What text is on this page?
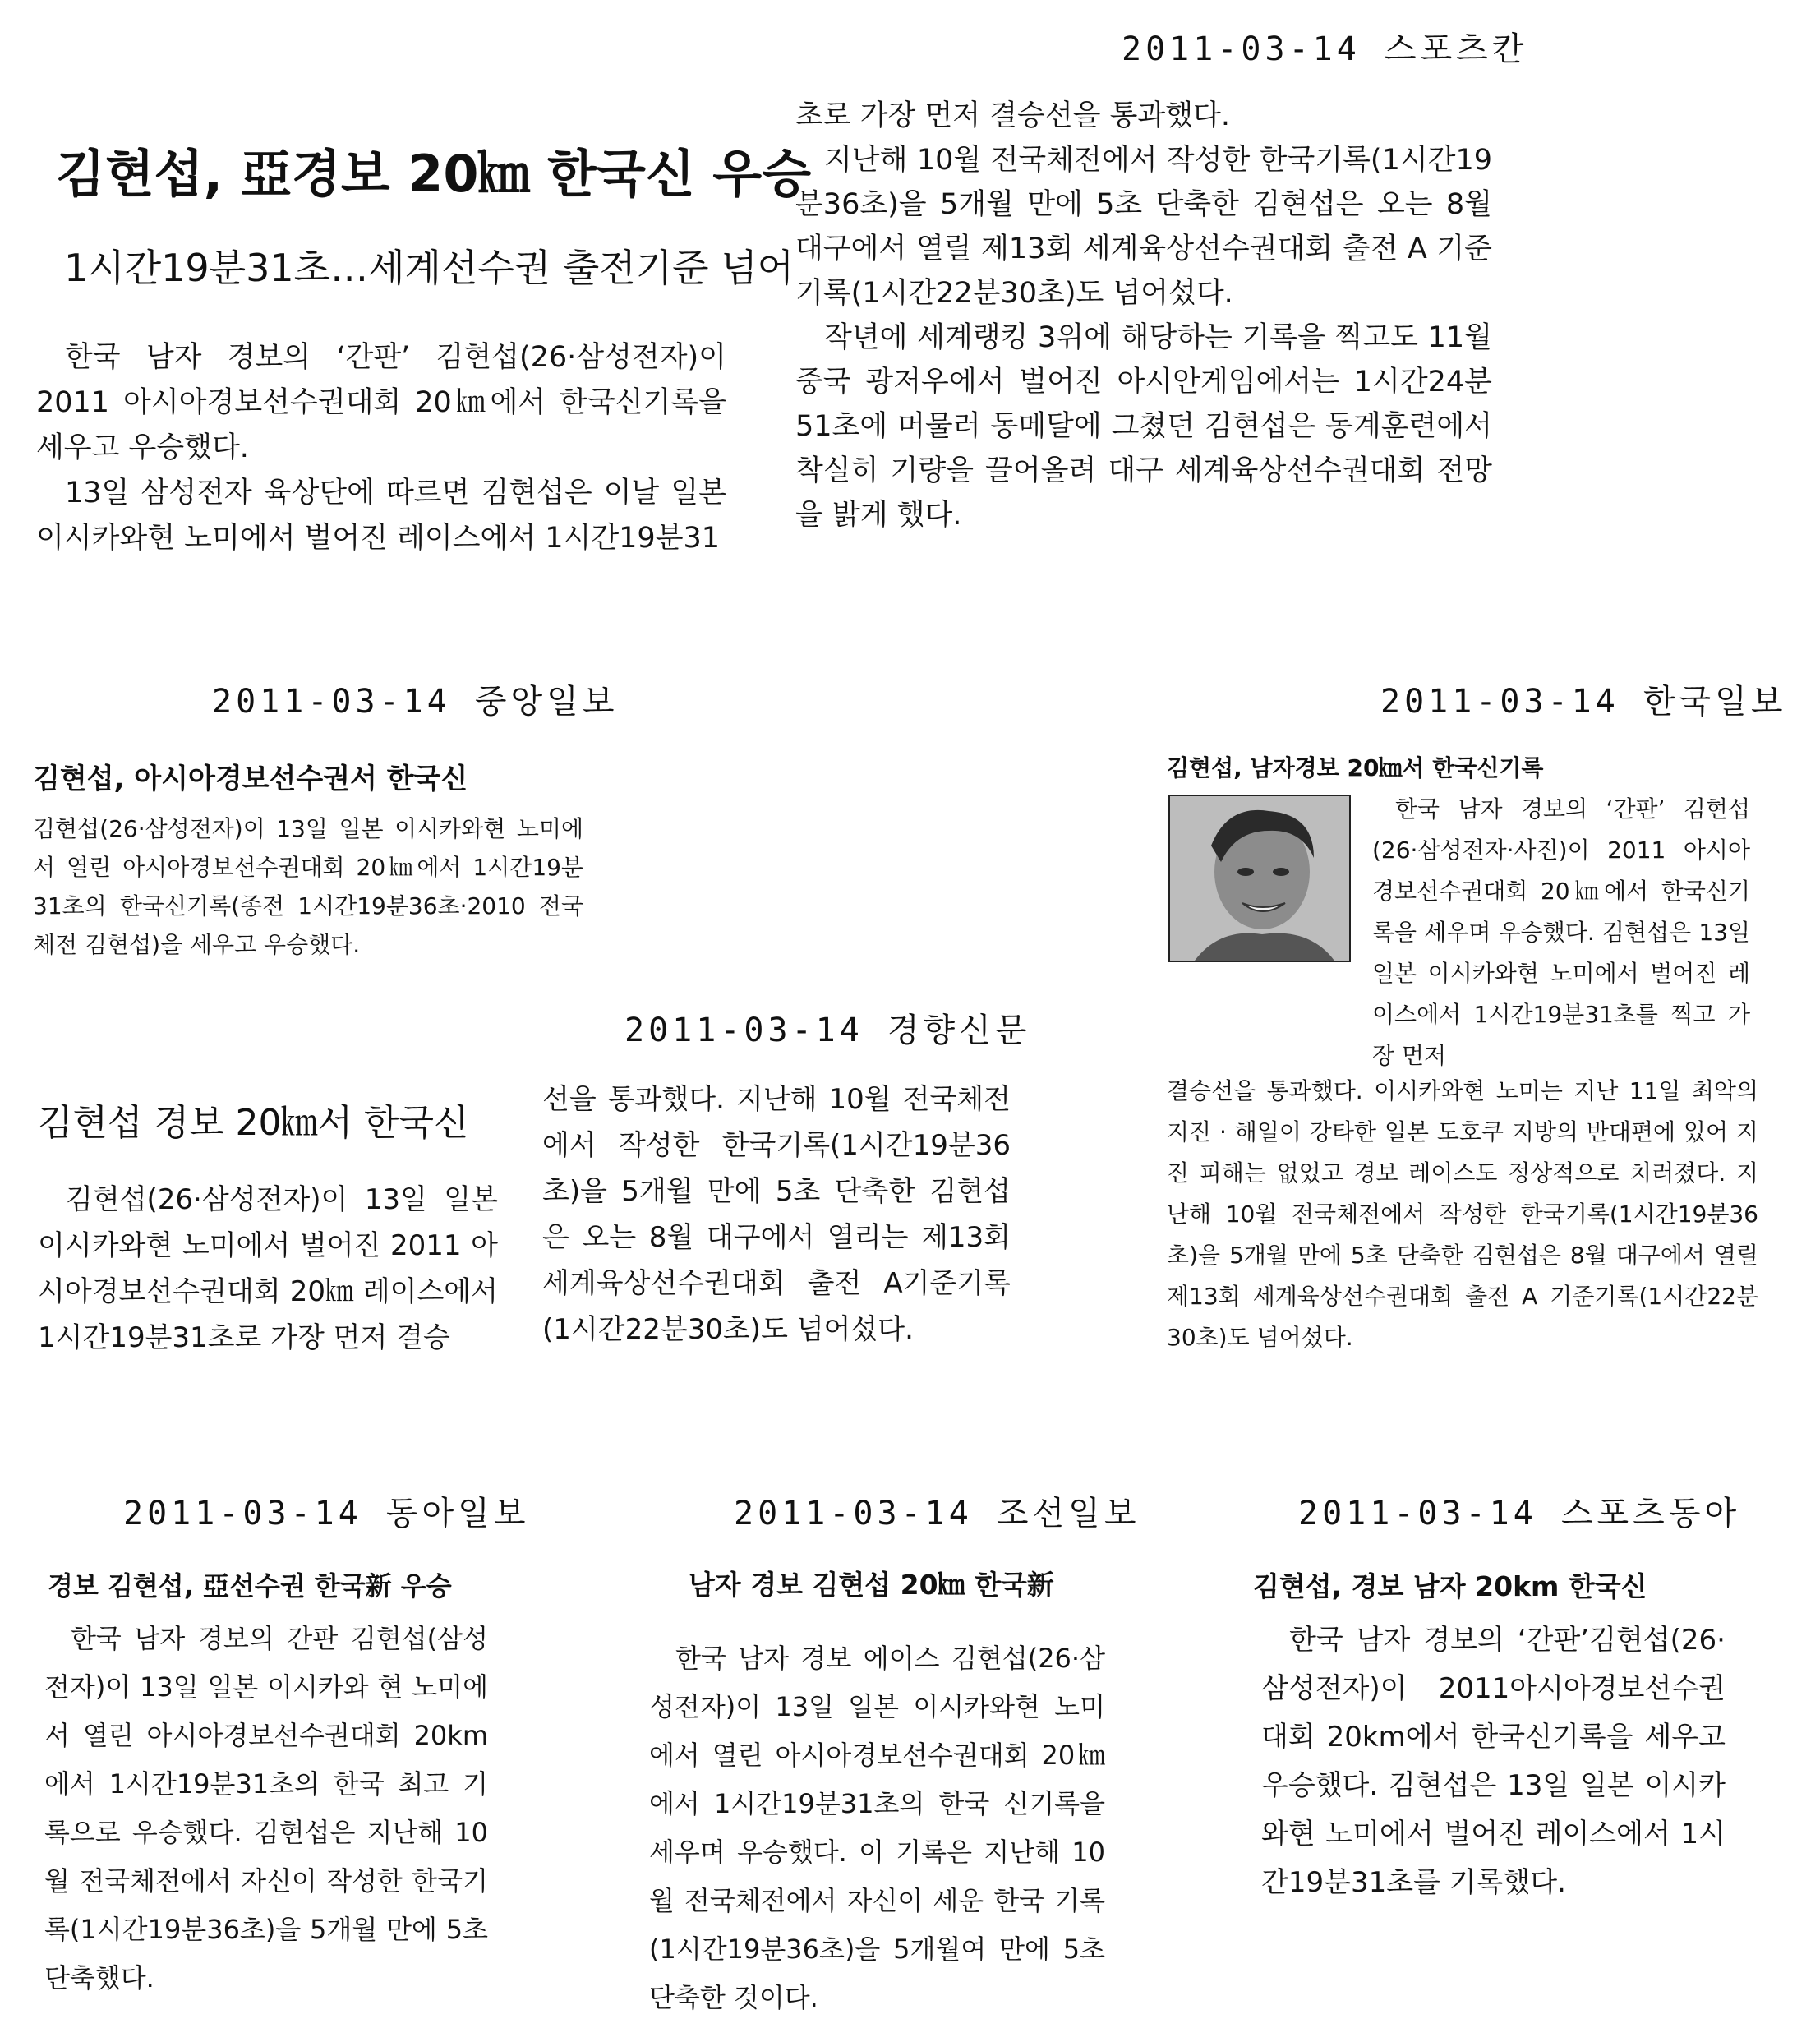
2011-03-14 스포츠칸
김현섭, 亞경보 20㎞ 한국신 우승
1시간19분31초…세계선수권 출전기준 넘어

한국 남자 경보의 ‘간판’ 김현섭(26·삼성전자)이 2011 아시아경보선수권대회 20㎞에서 한국신기록을 세우고 우승했다.

13일 삼성전자 육상단에 따르면 김현섭은 이날 일본 이시카와현 노미에서 벌어진 레이스에서 1시간19분31

초로 가장 먼저 결승선을 통과했다.

지난해 10월 전국체전에서 작성한 한국기록(1시간19분36초)을 5개월 만에 5초 단축한 김현섭은 오는 8월 대구에서 열릴 제13회 세계육상선수권대회 출전 A 기준기록(1시간22분30초)도 넘어섰다.

작년에 세계랭킹 3위에 해당하는 기록을 찍고도 11월 중국 광저우에서 벌어진 아시안게임에서는 1시간24분51초에 머물러 동메달에 그쳤던 김현섭은 동계훈련에서 착실히 기량을 끌어올려 대구 세계육상선수권대회 전망을 밝게 했다.

2011-03-14 중앙일보
김현섭, 아시아경보선수권서 한국신

김현섭(26·삼성전자)이 13일 일본 이시카와현 노미에서 열린 아시아경보선수권대회 20㎞에서 1시간19분31초의 한국신기록(종전 1시간19분36초·2010 전국체전 김현섭)을 세우고 우승했다.

2011-03-14 경향신문
김현섭 경보 20㎞서 한국신

김현섭(26·삼성전자)이 13일 일본 이시카와현 노미에서 벌어진 2011 아시아경보선수권대회 20㎞ 레이스에서 1시간19분31초로 가장 먼저 결승

선을 통과했다. 지난해 10월 전국체전에서 작성한 한국기록(1시간19분36초)을 5개월 만에 5초 단축한 김현섭은 오는 8월 대구에서 열리는 제13회 세계육상선수권대회 출전 A기준기록(1시간22분30초)도 넘어섰다.

2011-03-14 한국일보
김현섭, 남자경보 20㎞서 한국신기록

한국 남자 경보의 ‘간판’ 김현섭(26·삼성전자·사진)이 2011 아시아경보선수권대회 20㎞에서 한국신기록을 세우며 우승했다. 김현섭은 13일 일본 이시카와현 노미에서 벌어진 레이스에서 1시간19분31초를 찍고 가장 먼저

결승선을 통과했다. 이시카와현 노미는 지난 11일 최악의 지진 · 해일이 강타한 일본 도호쿠 지방의 반대편에 있어 지진 피해는 없었고 경보 레이스도 정상적으로 치러졌다. 지난해 10월 전국체전에서 작성한 한국기록(1시간19분36초)을 5개월 만에 5초 단축한 김현섭은 8월 대구에서 열릴 제13회 세계육상선수권대회 출전 A 기준기록(1시간22분30초)도 넘어섰다.

2011-03-14 동아일보
경보 김현섭, 亞선수권 한국新 우승

한국 남자 경보의 간판 김현섭(삼성전자)이 13일 일본 이시카와 현 노미에서 열린 아시아경보선수권대회 20km에서 1시간19분31초의 한국 최고 기록으로 우승했다. 김현섭은 지난해 10월 전국체전에서 자신이 작성한 한국기록(1시간19분36초)을 5개월 만에 5초 단축했다.

2011-03-14 조선일보
남자 경보 김현섭 20㎞ 한국新

한국 남자 경보 에이스 김현섭(26·삼성전자)이 13일 일본 이시카와현 노미에서 열린 아시아경보선수권대회 20㎞에서 1시간19분31초의 한국 신기록을 세우며 우승했다. 이 기록은 지난해 10월 전국체전에서 자신이 세운 한국 기록(1시간19분36초)을 5개월여 만에 5초 단축한 것이다.

2011-03-14 스포츠동아
김현섭, 경보 남자 20km 한국신

한국 남자 경보의 ‘간판’김현섭(26·삼성전자)이 2011아시아경보선수권대회 20km에서 한국신기록을 세우고 우승했다. 김현섭은 13일 일본 이시카와현 노미에서 벌어진 레이스에서 1시간19분31초를 기록했다.
